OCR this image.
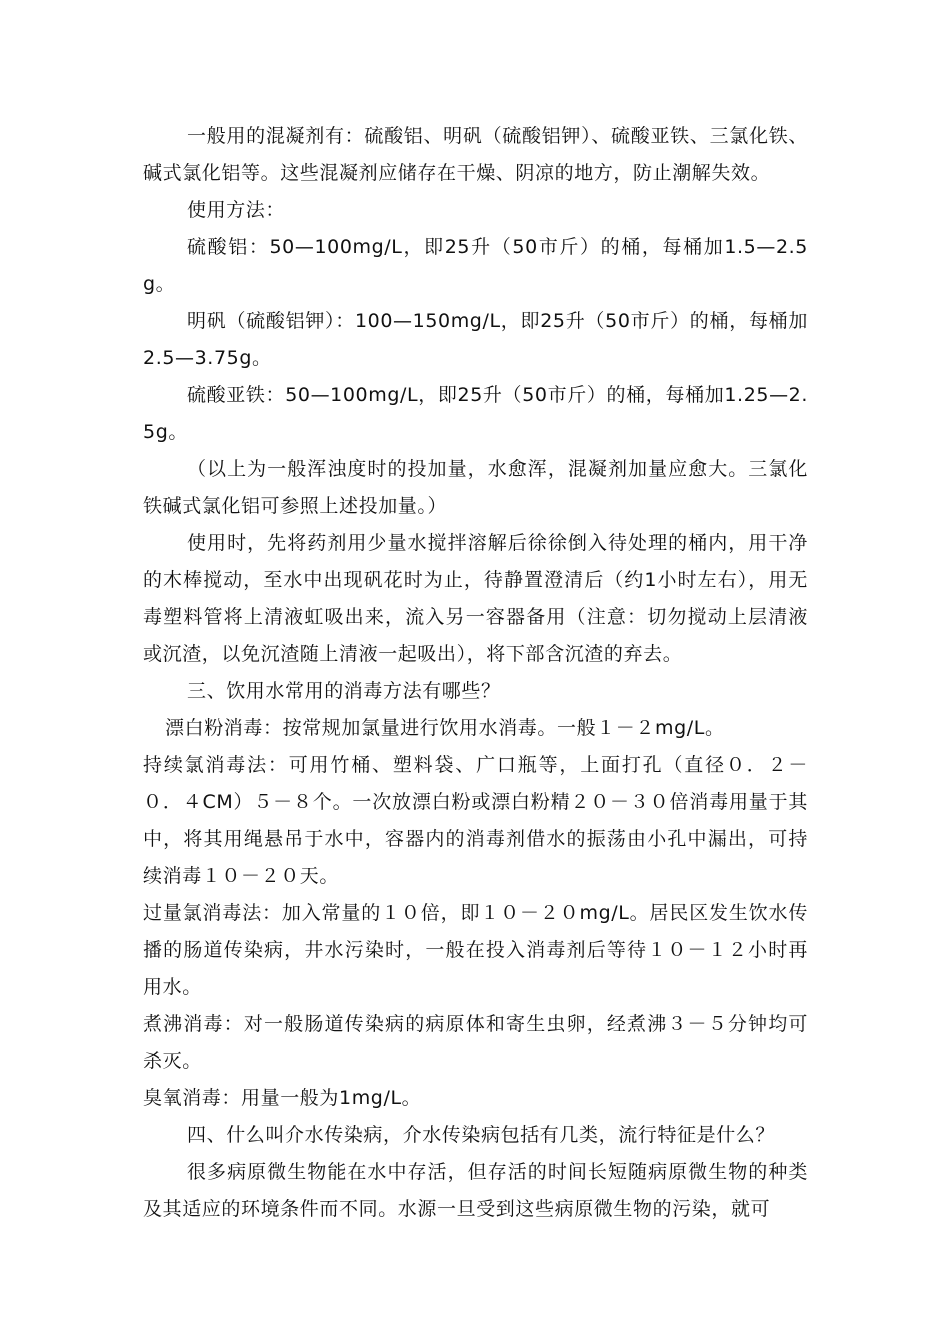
一般用的混凝剂有：硫酸铝、明矾（硫酸铝钾）、硫酸亚铁、三氯化铁、碱式氯化铝等。这些混凝剂应储存在干燥、阴凉的地方，防止潮解失效。

使用方法：

硫酸铝：50—100mg/L，即25升（50市斤）的桶，每桶加1.5—2.5g。

明矾（硫酸铝钾）：100—150mg/L，即25升（50市斤）的桶，每桶加2.5—3.75g。

硫酸亚铁：50—100mg/L，即25升（50市斤）的桶，每桶加1.25—2.5g。

（以上为一般浑浊度时的投加量，水愈浑，混凝剂加量应愈大。三氯化铁碱式氯化铝可参照上述投加量。）

使用时，先将药剂用少量水搅拌溶解后徐徐倒入待处理的桶内，用干净的木棒搅动，至水中出现矾花时为止，待静置澄清后（约1小时左右），用无毒塑料管将上清液虹吸出来，流入另一容器备用（注意：切勿搅动上层清液或沉渣，以免沉渣随上清液一起吸出），将下部含沉渣的弃去。

三、饮用水常用的消毒方法有哪些？

漂白粉消毒：按常规加氯量进行饮用水消毒。一般１－２mg/L。

持续氯消毒法：可用竹桶、塑料袋、广口瓶等，上面打孔（直径０．２－０．４CM）５－８个。一次放漂白粉或漂白粉精２０－３０倍消毒用量于其中，将其用绳悬吊于水中，容器内的消毒剂借水的振荡由小孔中漏出，可持续消毒１０－２０天。

过量氯消毒法：加入常量的１０倍，即１０－２０mg/L。居民区发生饮水传播的肠道传染病，井水污染时，一般在投入消毒剂后等待１０－１２小时再用水。

煮沸消毒：对一般肠道传染病的病原体和寄生虫卵，经煮沸３－５分钟均可杀灭。

臭氧消毒：用量一般为1mg/L。

四、什么叫介水传染病，介水传染病包括有几类，流行特征是什么？

很多病原微生物能在水中存活，但存活的时间长短随病原微生物的种类及其适应的环境条件而不同。水源一旦受到这些病原微生物的污染，就可
